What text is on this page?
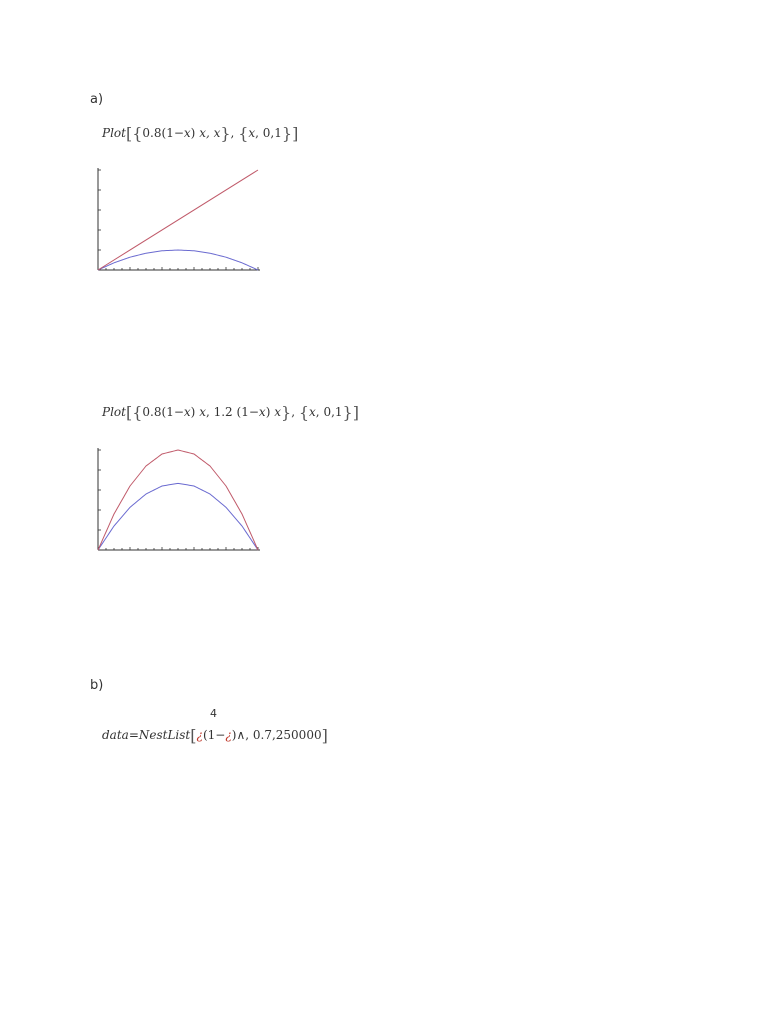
a)
Plot[{0.8(1−x) x, x}, {x, 0,1}]
Plot[{0.8(1−x) x, 1.2 (1−x) x}, {x, 0,1}]
b)
4
data=NestList[¿(1−¿)∧, 0.7,250000]
